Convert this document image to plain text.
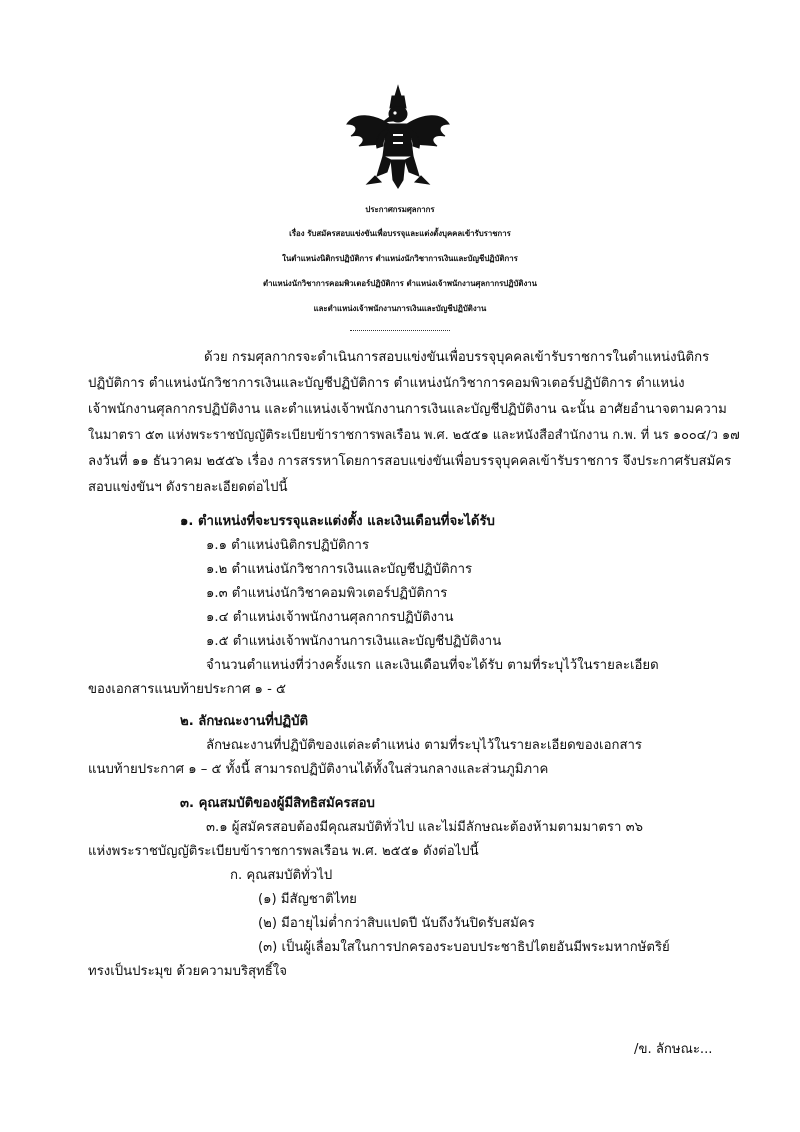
ประกาศกรมศุลกากร
เรื่อง รับสมัครสอบแข่งขันเพื่อบรรจุและแต่งตั้งบุคคลเข้ารับราชการ
ในตำแหน่งนิติกรปฏิบัติการ ตำแหน่งนักวิชาการเงินและบัญชีปฏิบัติการ
ตำแหน่งนักวิชาการคอมพิวเตอร์ปฏิบัติการ ตำแหน่งเจ้าพนักงานศุลกากรปฏิบัติงาน
และตำแหน่งเจ้าพนักงานการเงินและบัญชีปฏิบัติงาน
ด้วย กรมศุลกากรจะดำเนินการสอบแข่งขันเพื่อบรรจุบุคคลเข้ารับราชการในตำแหน่งนิติกร
ปฏิบัติการ ตำแหน่งนักวิชาการเงินและบัญชีปฏิบัติการ ตำแหน่งนักวิชาการคอมพิวเตอร์ปฏิบัติการ ตำแหน่ง
เจ้าพนักงานศุลกากรปฏิบัติงาน และตำแหน่งเจ้าพนักงานการเงินและบัญชีปฏิบัติงาน ฉะนั้น อาศัยอำนาจตามความ
ในมาตรา ๕๓ แห่งพระราชบัญญัติระเบียบข้าราชการพลเรือน พ.ศ. ๒๕๕๑ และหนังสือสำนักงาน ก.พ. ที่ นร ๑๐๐๔/ว ๑๗
ลงวันที่ ๑๑ ธันวาคม ๒๕๕๖ เรื่อง การสรรหาโดยการสอบแข่งขันเพื่อบรรจุบุคคลเข้ารับราชการ จึงประกาศรับสมัคร
สอบแข่งขันฯ ดังรายละเอียดต่อไปนี้
๑. ตำแหน่งที่จะบรรจุและแต่งตั้ง และเงินเดือนที่จะได้รับ
๑.๑ ตำแหน่งนิติกรปฏิบัติการ
๑.๒ ตำแหน่งนักวิชาการเงินและบัญชีปฏิบัติการ
๑.๓ ตำแหน่งนักวิชาคอมพิวเตอร์ปฏิบัติการ
๑.๔ ตำแหน่งเจ้าพนักงานศุลกากรปฏิบัติงาน
๑.๕ ตำแหน่งเจ้าพนักงานการเงินและบัญชีปฏิบัติงาน
จำนวนตำแหน่งที่ว่างครั้งแรก และเงินเดือนที่จะได้รับ ตามที่ระบุไว้ในรายละเอียด
ของเอกสารแนบท้ายประกาศ ๑ - ๕
๒. ลักษณะงานที่ปฏิบัติ
ลักษณะงานที่ปฏิบัติของแต่ละตำแหน่ง ตามที่ระบุไว้ในรายละเอียดของเอกสาร
แนบท้ายประกาศ ๑ – ๕ ทั้งนี้ สามารถปฏิบัติงานได้ทั้งในส่วนกลางและส่วนภูมิภาค
๓. คุณสมบัติของผู้มีสิทธิสมัครสอบ
๓.๑ ผู้สมัครสอบต้องมีคุณสมบัติทั่วไป และไม่มีลักษณะต้องห้ามตามมาตรา ๓๖
แห่งพระราชบัญญัติระเบียบข้าราชการพลเรือน พ.ศ. ๒๕๕๑ ดังต่อไปนี้
ก. คุณสมบัติทั่วไป
(๑) มีสัญชาติไทย
(๒) มีอายุไม่ต่ำกว่าสิบแปดปี นับถึงวันปิดรับสมัคร
(๓) เป็นผู้เลื่อมใสในการปกครองระบอบประชาธิปไตยอันมีพระมหากษัตริย์
ทรงเป็นประมุข ด้วยความบริสุทธิ์ใจ
/ข. ลักษณะ...
